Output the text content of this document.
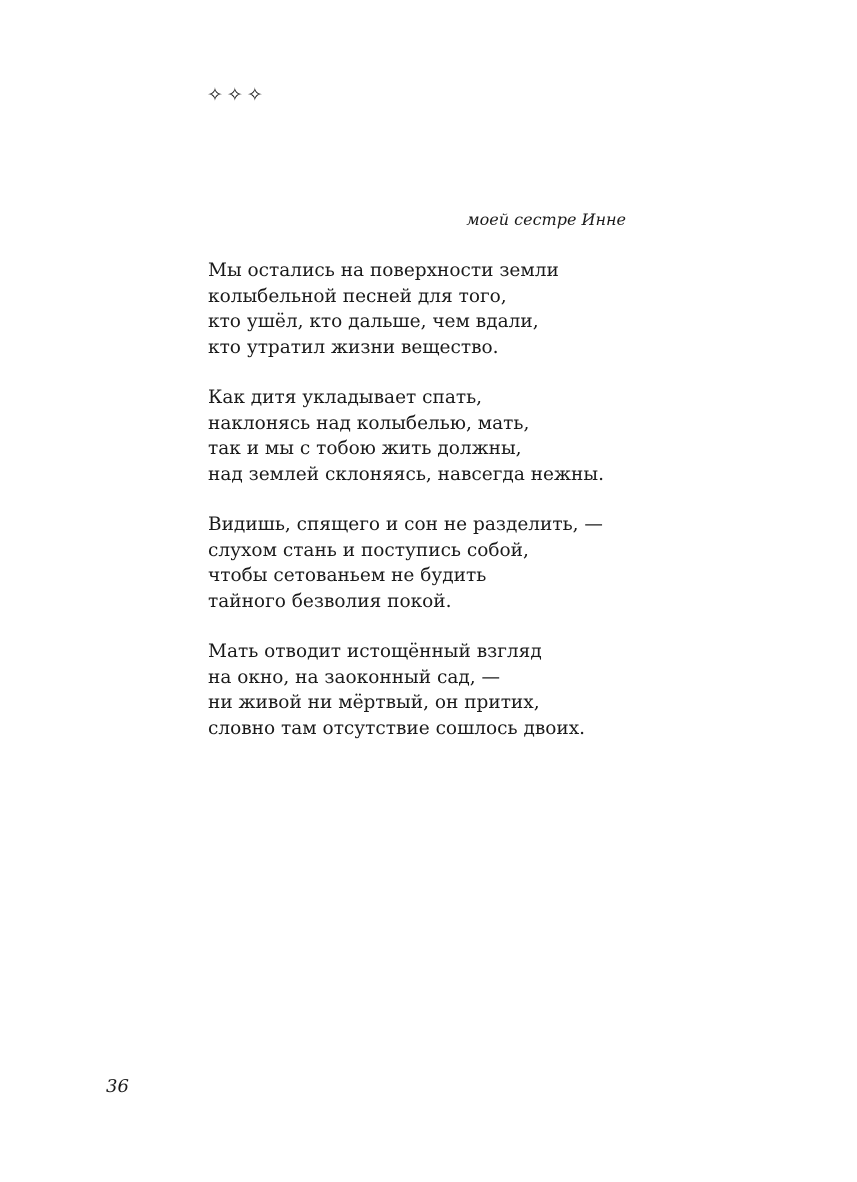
✧✧✧
моей сестре Инне
Мы остались на поверхности земли
колыбельной песней для того,
кто ушёл, кто дальше, чем вдали,
кто утратил жизни вещество.
Как дитя укладывает спать,
наклонясь над колыбелью, мать,
так и мы с тобою жить должны,
над землей склоняясь, навсегда нежны.
Видишь, спящего и сон не разделить, —
слухом стань и поступись собой,
чтобы сетованьем не будить
тайного безволия покой.
Мать отводит истощённый взгляд
на окно, на заоконный сад, —
ни живой ни мёртвый, он притих,
словно там отсутствие сошлось двоих.
36
